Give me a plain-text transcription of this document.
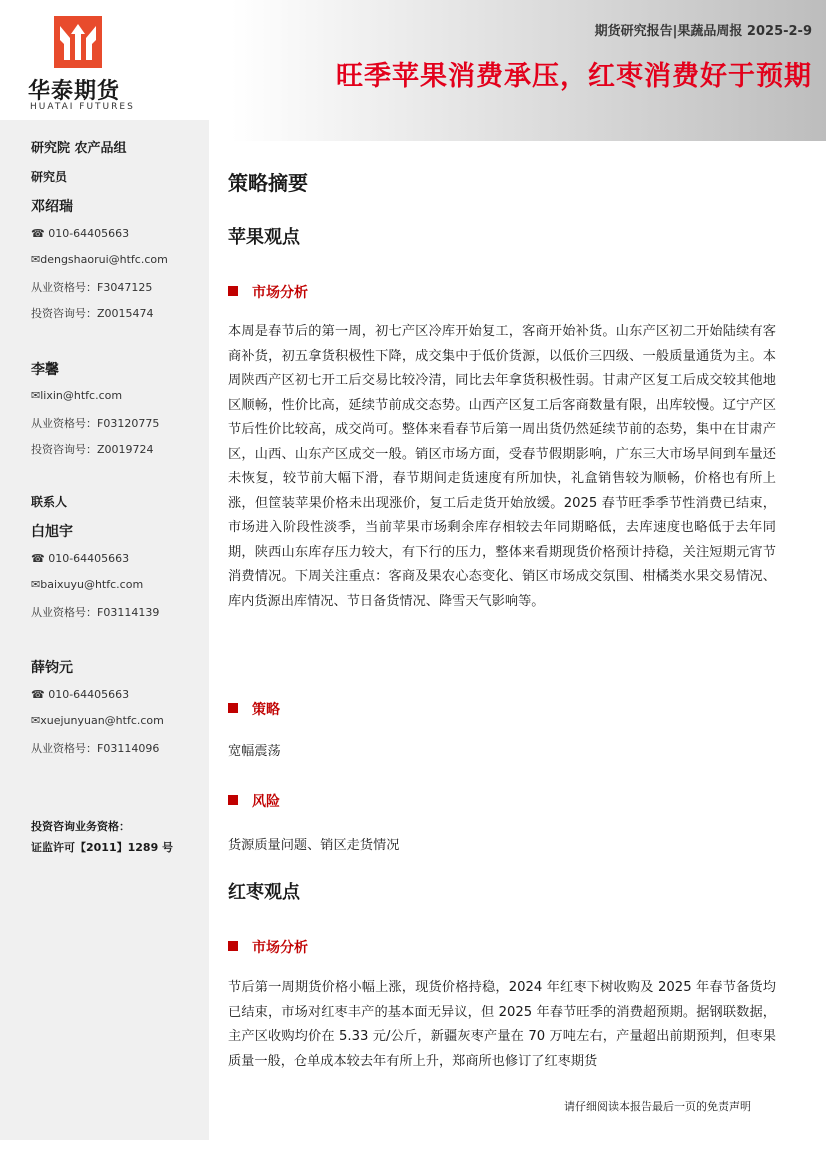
华泰期货
HUATAI FUTURES
期货研究报告|果蔬品周报 2025-2-9
旺季苹果消费承压，红枣消费好于预期
研究院 农产品组
研究员
邓绍瑞
☎ 010-64405663
✉dengshaorui@htfc.com
从业资格号：F3047125
投资咨询号：Z0015474
李馨
✉lixin@htfc.com
从业资格号：F03120775
投资咨询号：Z0019724
联系人
白旭宇
☎ 010-64405663
✉baixuyu@htfc.com
从业资格号：F03114139
薛钧元
☎ 010-64405663
✉xuejunyuan@htfc.com
从业资格号：F03114096
投资咨询业务资格：
证监许可【2011】1289 号
策略摘要
苹果观点
市场分析
本周是春节后的第一周，初七产区冷库开始复工，客商开始补货。山东产区初二开始陆续有客商补货，初五拿货积极性下降，成交集中于低价货源，以低价三四级、一般质量通货为主。本周陕西产区初七开工后交易比较冷清，同比去年拿货积极性弱。甘肃产区复工后成交较其他地区顺畅，性价比高，延续节前成交态势。山西产区复工后客商数量有限，出库较慢。辽宁产区节后性价比较高，成交尚可。整体来看春节后第一周出货仍然延续节前的态势，集中在甘肃产区，山西、山东产区成交一般。销区市场方面，受春节假期影响，广东三大市场早间到车量还未恢复，较节前大幅下滑，春节期间走货速度有所加快，礼盒销售较为顺畅，价格也有所上涨，但筐装苹果价格未出现涨价，复工后走货开始放缓。2025 春节旺季季节性消费已结束，市场进入阶段性淡季，当前苹果市场剩余库存相较去年同期略低，去库速度也略低于去年同期，陕西山东库存压力较大，有下行的压力，整体来看期现货价格预计持稳，关注短期元宵节消费情况。下周关注重点：客商及果农心态变化、销区市场成交氛围、柑橘类水果交易情况、库内货源出库情况、节日备货情况、降雪天气影响等。
策略
宽幅震荡
风险
货源质量问题、销区走货情况
红枣观点
市场分析
节后第一周期货价格小幅上涨，现货价格持稳，2024 年红枣下树收购及 2025 年春节备货均已结束，市场对红枣丰产的基本面无异议，但 2025 年春节旺季的消费超预期。据钢联数据，主产区收购均价在 5.33 元/公斤，新疆灰枣产量在 70 万吨左右，产量超出前期预判，但枣果质量一般，仓单成本较去年有所上升，郑商所也修订了红枣期货
请仔细阅读本报告最后一页的免责声明
